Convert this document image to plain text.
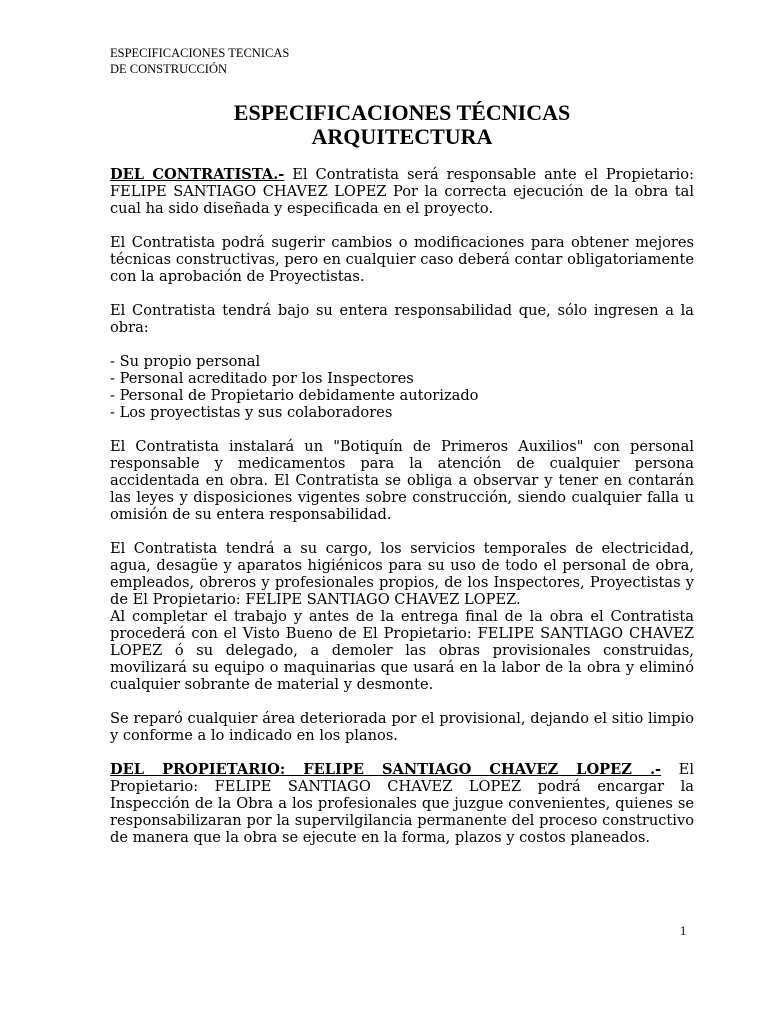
ESPECIFICACIONES TECNICAS
DE CONSTRUCCIÓN
ESPECIFICACIONES TÉCNICAS
ARQUITECTURA

DEL CONTRATISTA.- El Contratista será responsable ante el Propietario: FELIPE SANTIAGO CHAVEZ LOPEZ Por la correcta ejecución de la obra tal cual ha sido diseñada y especificada en el proyecto.

El Contratista podrá sugerir cambios o modificaciones para obtener mejores técnicas constructivas, pero en cualquier caso deberá contar obligatoriamente con la aprobación de Proyectistas.

El Contratista tendrá bajo su entera responsabilidad que, sólo ingresen a la obra:

- Su propio personal
- Personal acreditado por los Inspectores
- Personal de Propietario debidamente autorizado
- Los proyectistas y sus colaboradores

El Contratista instalará un "Botiquín de Primeros Auxilios" con personal responsable y medicamentos para la atención de cualquier persona accidentada en obra. El Contratista se obliga a observar y tener en contarán las leyes y disposiciones vigentes sobre construcción, siendo cualquier falla u omisión de su entera responsabilidad.

El Contratista tendrá a su cargo, los servicios temporales de electricidad, agua, desagüe y aparatos higiénicos para su uso de todo el personal de obra, empleados, obreros y profesionales propios, de los Inspectores, Proyectistas y de El Propietario: FELIPE SANTIAGO CHAVEZ LOPEZ.

Al completar el trabajo y antes de la entrega final de la obra el Contratista procederá con el Visto Bueno de El Propietario: FELIPE SANTIAGO CHAVEZ LOPEZ ó su delegado, a demoler las obras provisionales construidas, movilizará su equipo o maquinarias que usará en la labor de la obra y eliminó cualquier sobrante de material y desmonte.

Se reparó cualquier área deteriorada por el provisional, dejando el sitio limpio y conforme a lo indicado en los planos.

DEL PROPIETARIO: FELIPE SANTIAGO CHAVEZ LOPEZ .- El Propietario: FELIPE SANTIAGO CHAVEZ LOPEZ podrá encargar la Inspección de la Obra a los profesionales que juzgue convenientes, quienes se responsabilizaran por la supervilgilancia permanente del proceso constructivo de manera que la obra se ejecute en la forma, plazos y costos planeados.

1
